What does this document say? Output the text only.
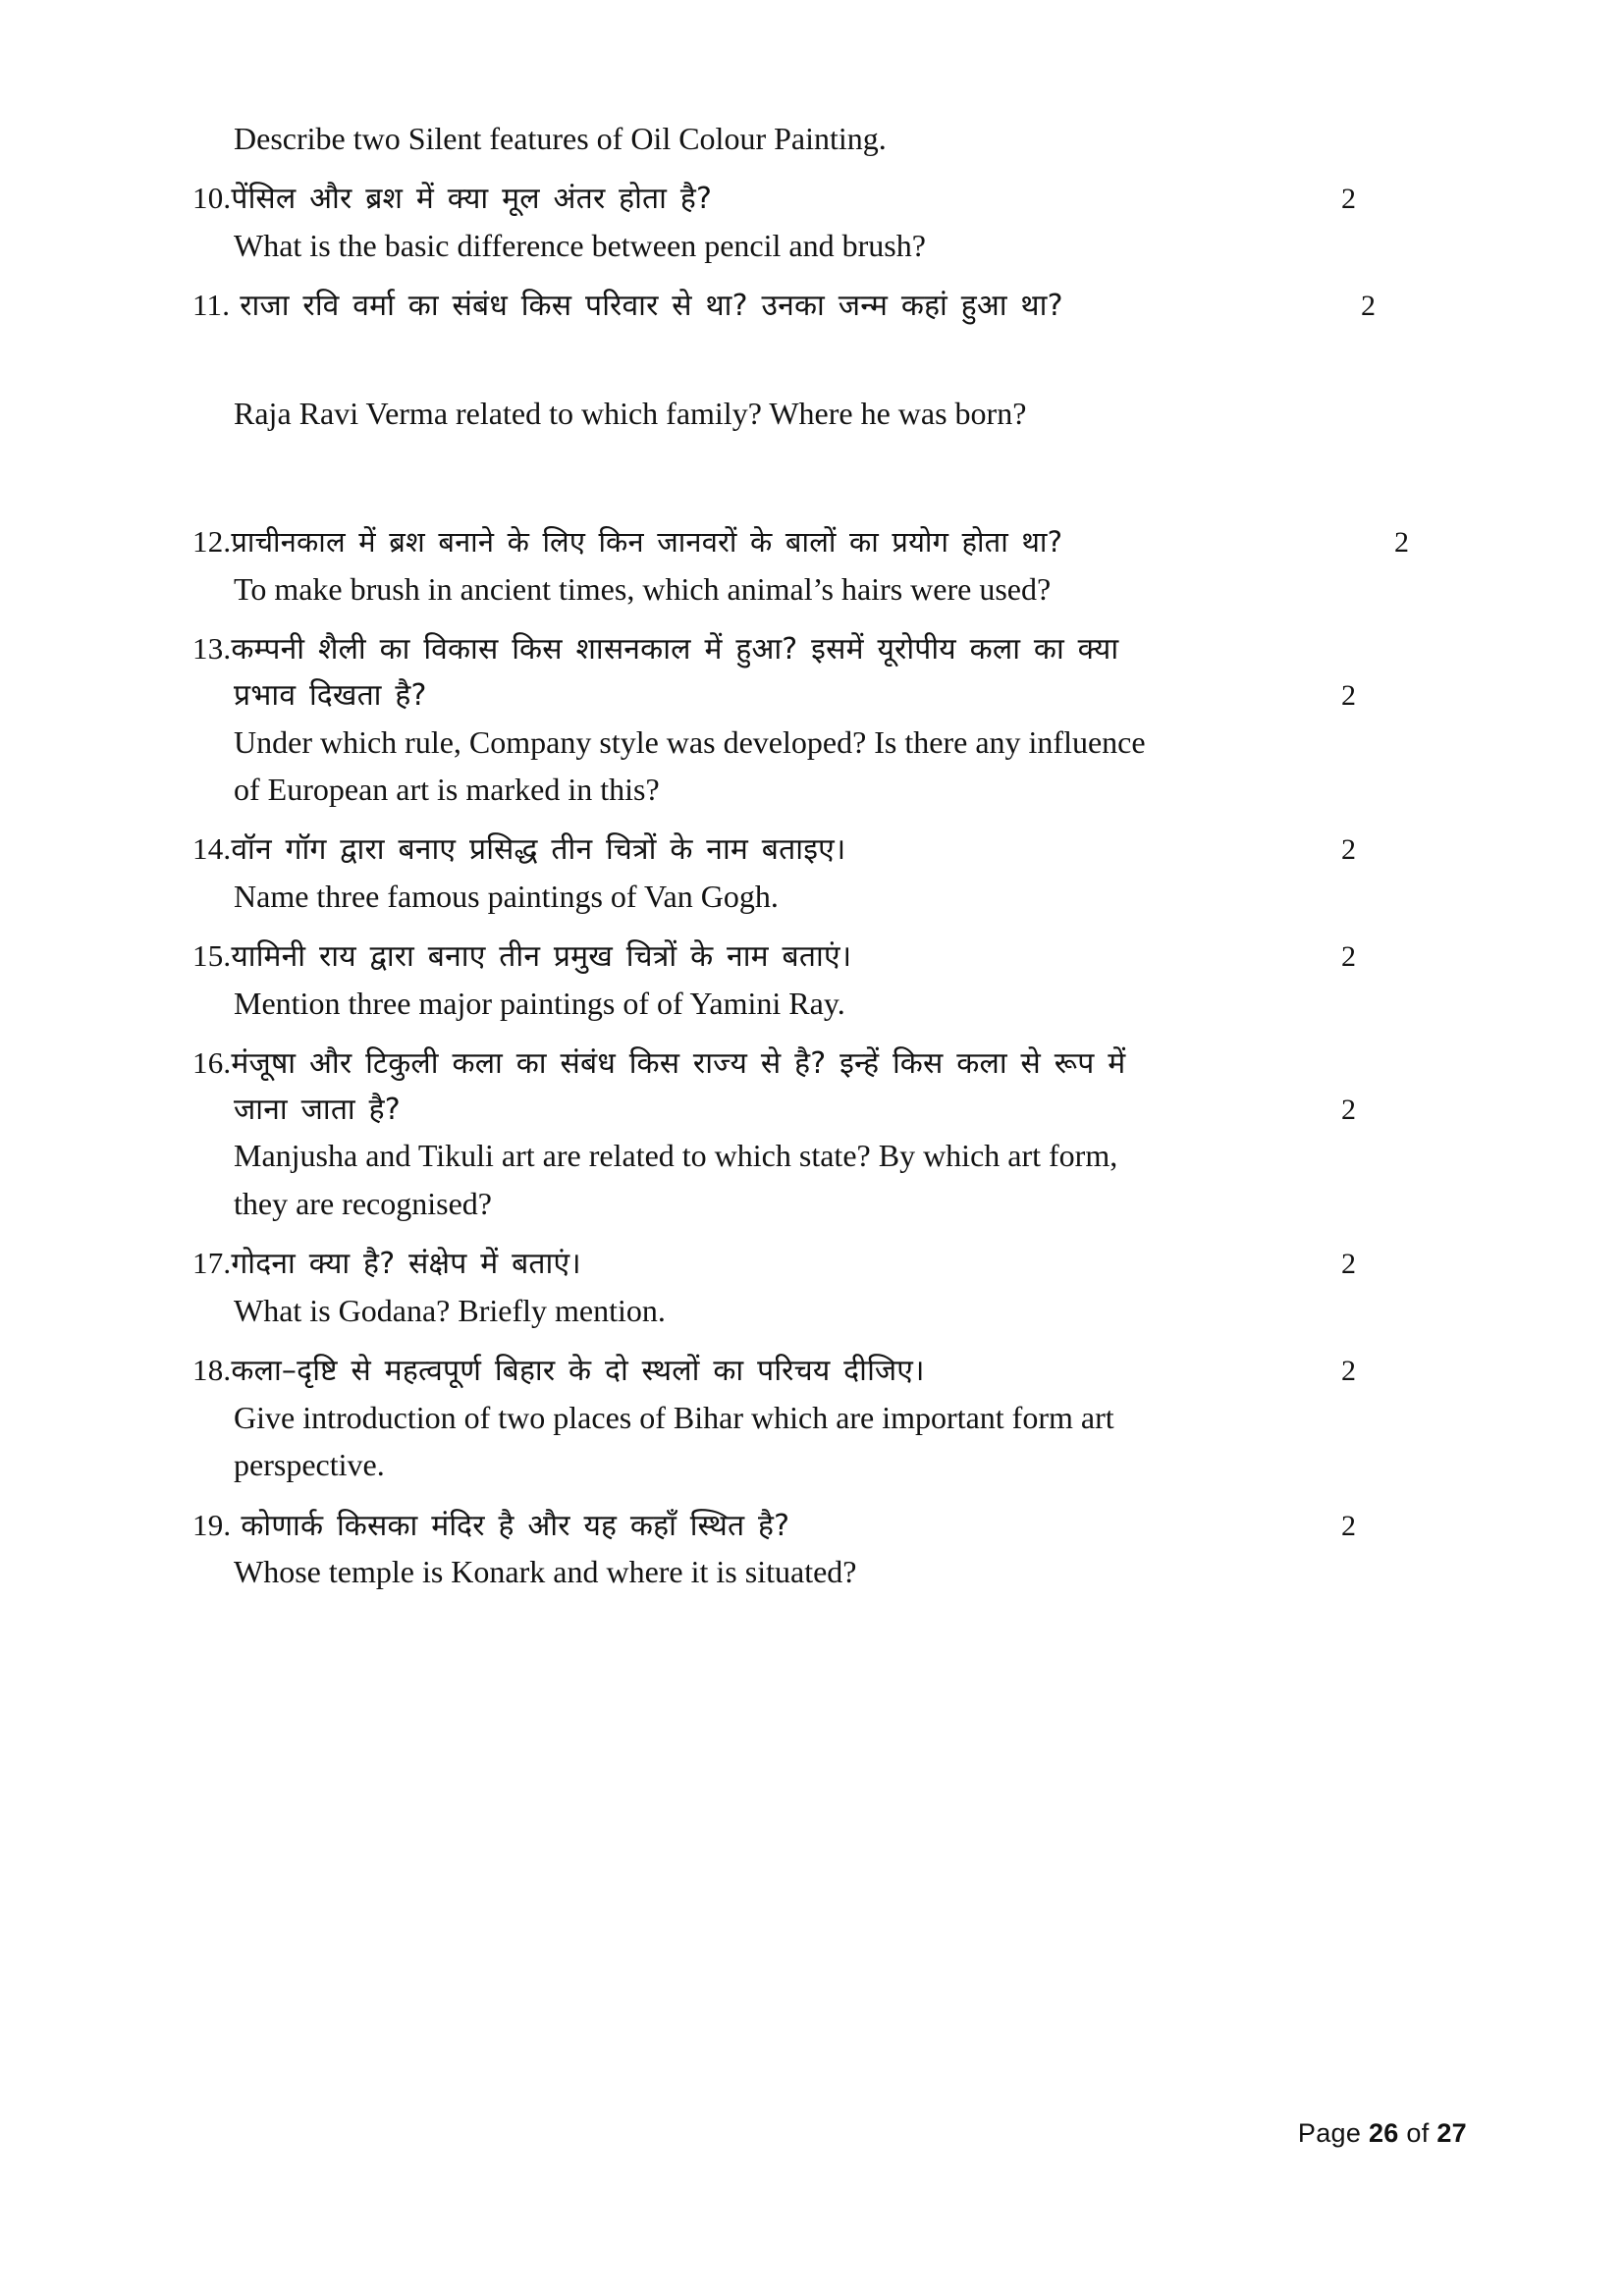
Describe two Silent features of Oil Colour Painting.
10. पेंसिल और ब्रश में क्या मूल अंतर होता है?	2

What is the basic difference between pencil and brush?
11. राजा रवि वर्मा का संबंध किस परिवार से था? उनका जन्म कहां हुआ था?	2

Raja Ravi Verma related to which family? Where he was born?
12. प्राचीनकाल में ब्रश बनाने के लिए किन जानवरों के बालों का प्रयोग होता था?	2

To make brush in ancient times, which animal’s hairs were used?
13. कम्पनी शैली का विकास किस शासनकाल में हुआ? इसमें यूरोपीय कला का क्या

प्रभाव दिखता है?	2

Under which rule, Company style was developed? Is there any influence

of European art is marked in this?
14. वॉन गॉग द्वारा बनाए प्रसिद्ध तीन चित्रों के नाम बताइए।	2

Name three famous paintings of Van Gogh.
15. यामिनी राय द्वारा बनाए तीन प्रमुख चित्रों के नाम बताएं।	2

Mention three major paintings of of Yamini Ray.
16. मंजूषा और टिकुली कला का संबंध किस राज्य से है? इन्हें किस कला से रूप में

जाना जाता है?	2

Manjusha and Tikuli art are related to which state? By which art form,

they are recognised?
17. गोदना क्या है? संक्षेप में बताएं।	2

What is Godana? Briefly mention.
18. कला–दृष्टि से महत्वपूर्ण बिहार के दो स्थलों का परिचय दीजिए।	2

Give introduction of two places of Bihar which are important form art

perspective.
19. कोणार्क किसका मंदिर है और यह कहाँ स्थित है?	2

Whose temple is Konark and where it is situated?
Page 26 of 27
